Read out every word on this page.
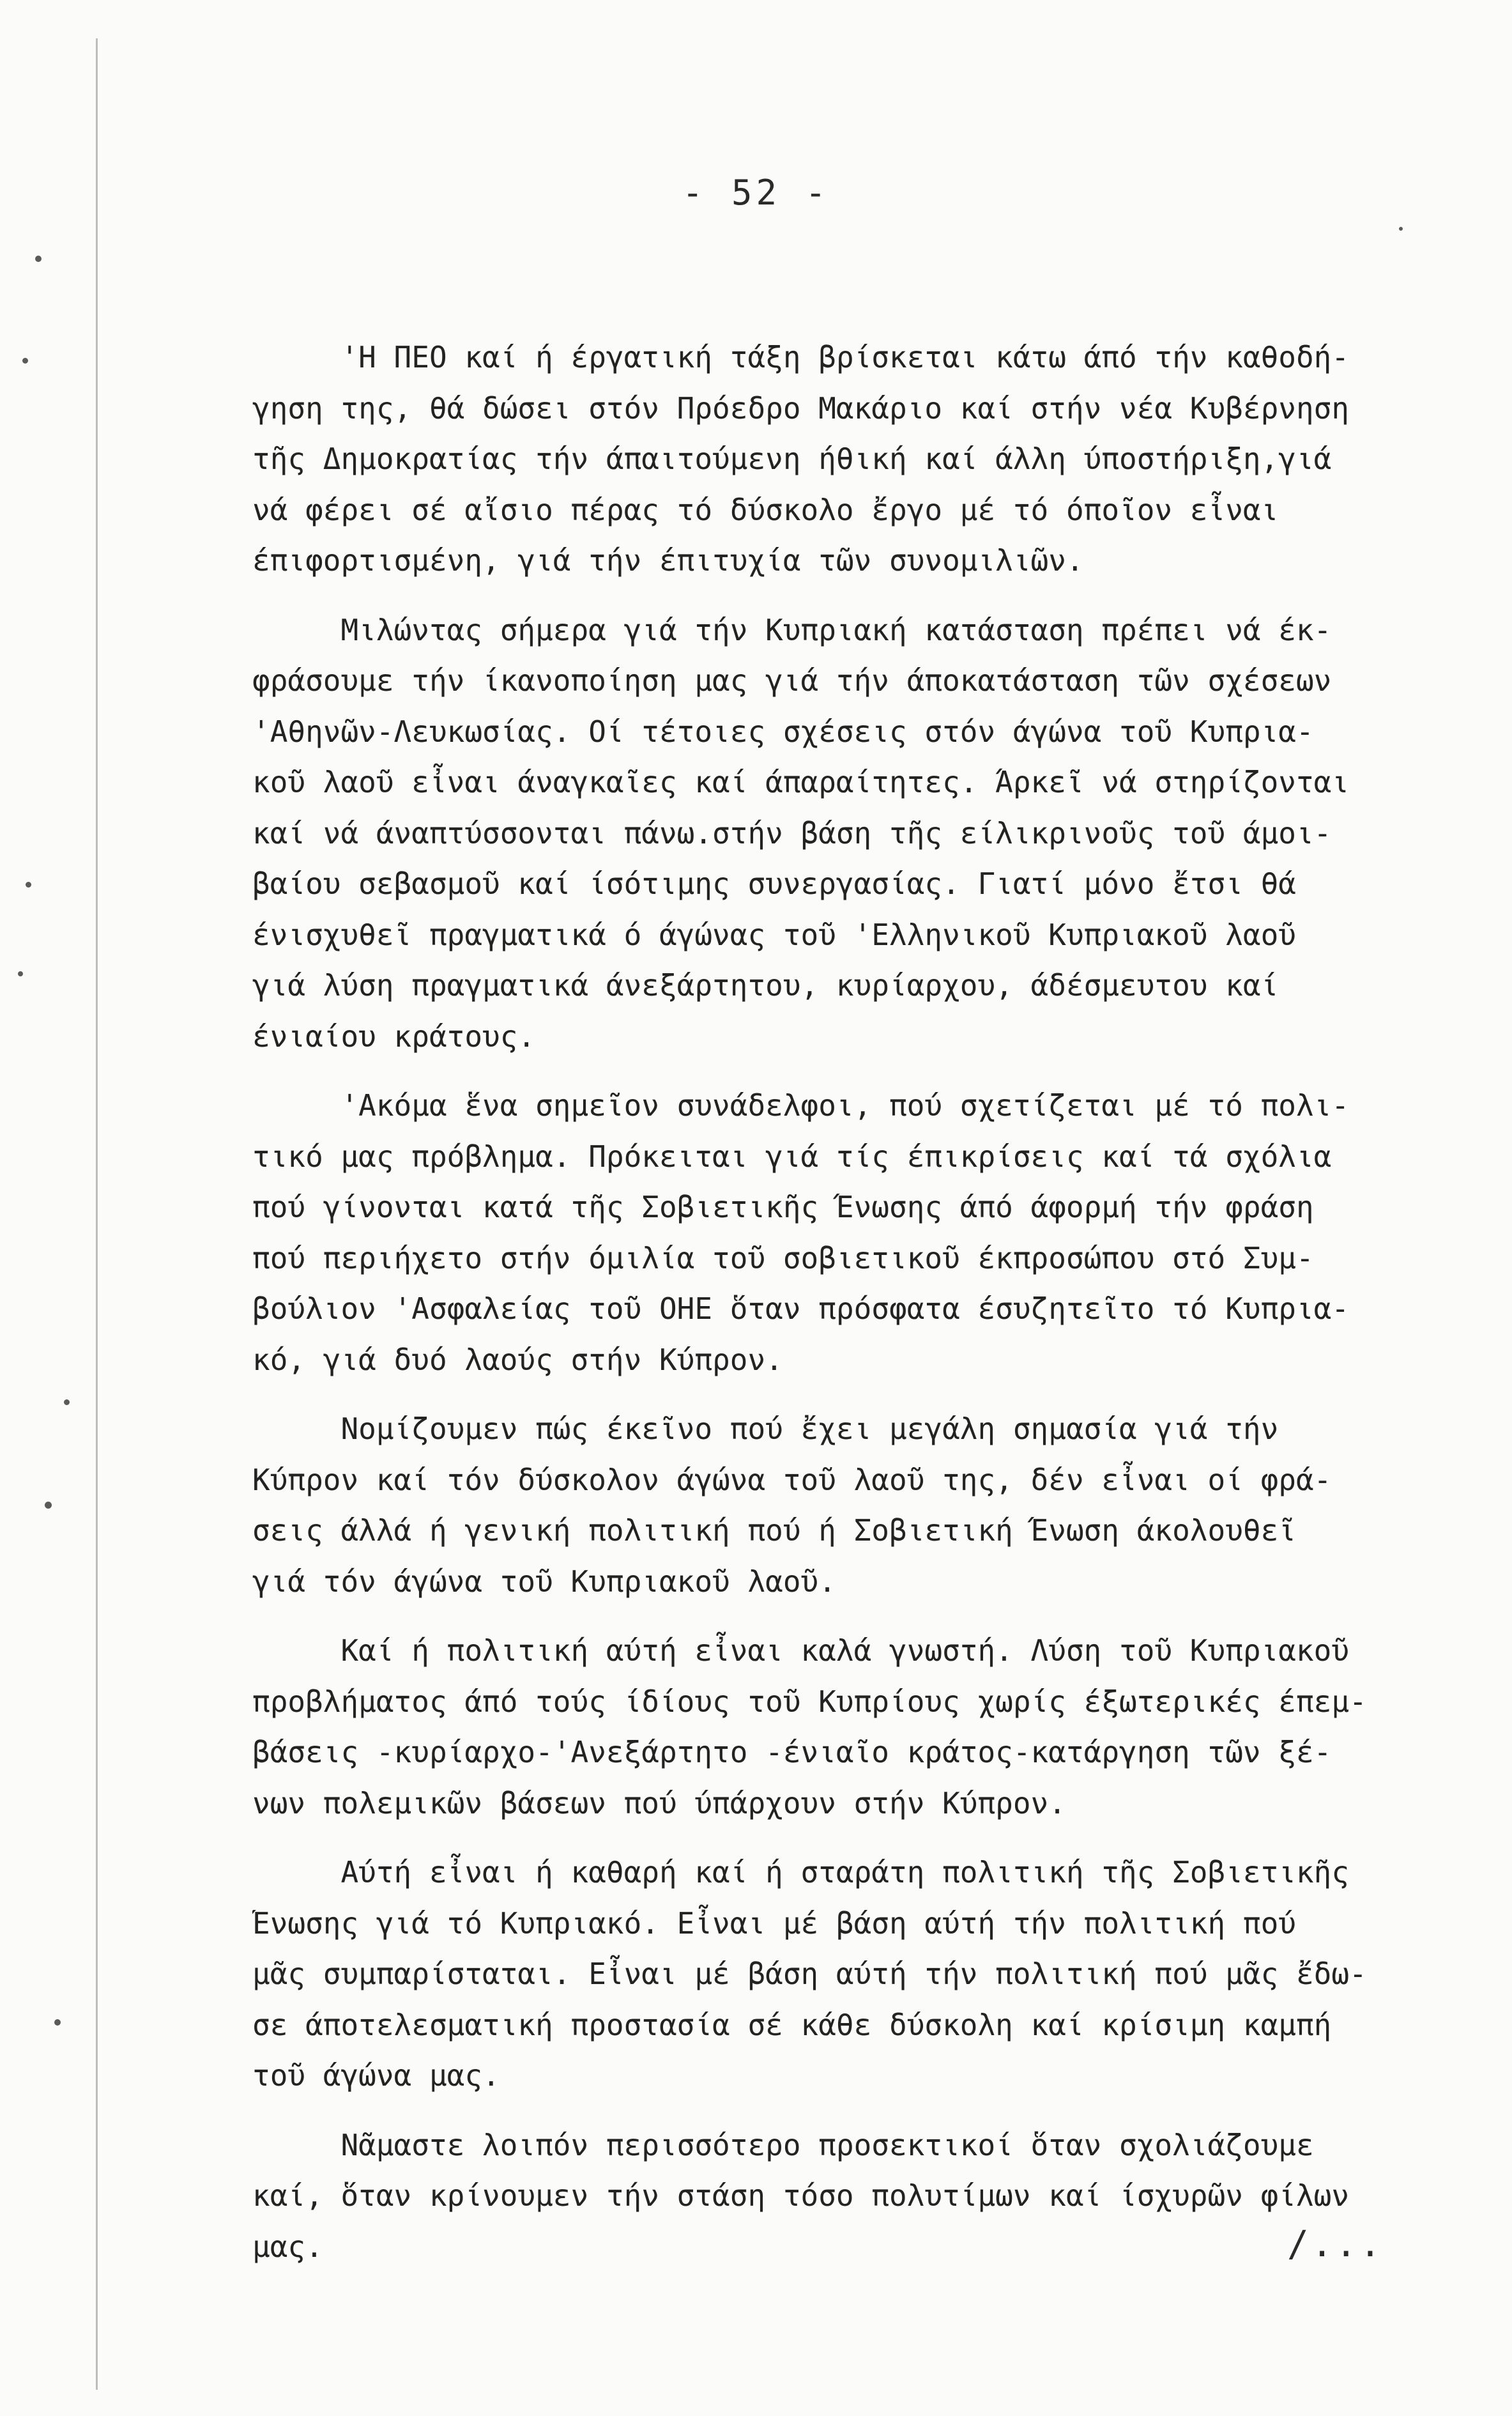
- 52 -
'Η ΠΕΟ καί ή έργατική τάξη βρίσκεται κάτω άπό τήν καθοδή-
γηση της, θά δώσει στόν Πρόεδρο Μακάριο καί στήν νέα Κυβέρνηση
τῆς Δημοκρατίας τήν άπαιτούμενη ήθική καί άλλη ύποστήριξη,γιά
νά φέρει σέ αἴσιο πέρας τό δύσκολο ἔργο μέ τό όποῖον εἶναι
έπιφορτισμένη, γιά τήν έπιτυχία τῶν συνομιλιῶν.
Μιλώντας σήμερα γιά τήν Κυπριακή κατάσταση πρέπει νά έκ-
φράσουμε τήν ίκανοποίηση μας γιά τήν άποκατάσταση τῶν σχέσεων
'Αθηνῶν-Λευκωσίας. Οί τέτοιες σχέσεις στόν άγώνα τοῦ Κυπρια-
κοῦ λαοῦ εἶναι άναγκαῖες καί άπαραίτητες. Άρκεῖ νά στηρίζονται
καί νά άναπτύσσονται πάνω.στήν βάση τῆς είλικρινοῦς τοῦ άμοι-
βαίου σεβασμοῦ καί ίσότιμης συνεργασίας. Γιατί μόνο ἔτσι θά
ένισχυθεῖ πραγματικά ό άγώνας τοῦ 'Ελληνικοῦ Κυπριακοῦ λαοῦ
γιά λύση πραγματικά άνεξάρτητου, κυρίαρχου, άδέσμευτου καί
ένιαίου κράτους.
'Ακόμα ἕνα σημεῖον συνάδελφοι, πού σχετίζεται μέ τό πολι-
τικό μας πρόβλημα. Πρόκειται γιά τίς έπικρίσεις καί τά σχόλια
πού γίνονται κατά τῆς Σοβιετικῆς Ένωσης άπό άφορμή τήν φράση
πού περιήχετο στήν όμιλία τοῦ σοβιετικοῦ έκπροσώπου στό Συμ-
βούλιον 'Ασφαλείας τοῦ ΟΗΕ ὅταν πρόσφατα έσυζητεῖτο τό Κυπρια-
κό, γιά δυό λαούς στήν Κύπρον.
Νομίζουμεν πώς έκεῖνο πού ἔχει μεγάλη σημασία γιά τήν
Κύπρον καί τόν δύσκολον άγώνα τοῦ λαοῦ της, δέν εἶναι οί φρά-
σεις άλλά ή γενική πολιτική πού ή Σοβιετική Ένωση άκολουθεῖ
γιά τόν άγώνα τοῦ Κυπριακοῦ λαοῦ.
Καί ή πολιτική αύτή εἶναι καλά γνωστή. Λύση τοῦ Κυπριακοῦ
προβλήματος άπό τούς ίδίους τοῦ Κυπρίους χωρίς έξωτερικές έπεμ-
βάσεις -κυρίαρχο-'Ανεξάρτητο -ένιαῖο κράτος-κατάργηση τῶν ξέ-
νων πολεμικῶν βάσεων πού ύπάρχουν στήν Κύπρον.
Αύτή εἶναι ή καθαρή καί ή σταράτη πολιτική τῆς Σοβιετικῆς
Ένωσης γιά τό Κυπριακό. Εἶναι μέ βάση αύτή τήν πολιτική πού
μᾶς συμπαρίσταται. Εἶναι μέ βάση αύτή τήν πολιτική πού μᾶς ἔδω-
σε άποτελεσματική προστασία σέ κάθε δύσκολη καί κρίσιμη καμπή
τοῦ άγώνα μας.
Νᾶμαστε λοιπόν περισσότερο προσεκτικοί ὅταν σχολιάζουμε
καί, ὅταν κρίνουμεν τήν στάση τόσο πολυτίμων καί ίσχυρῶν φίλων
μας.	/...
